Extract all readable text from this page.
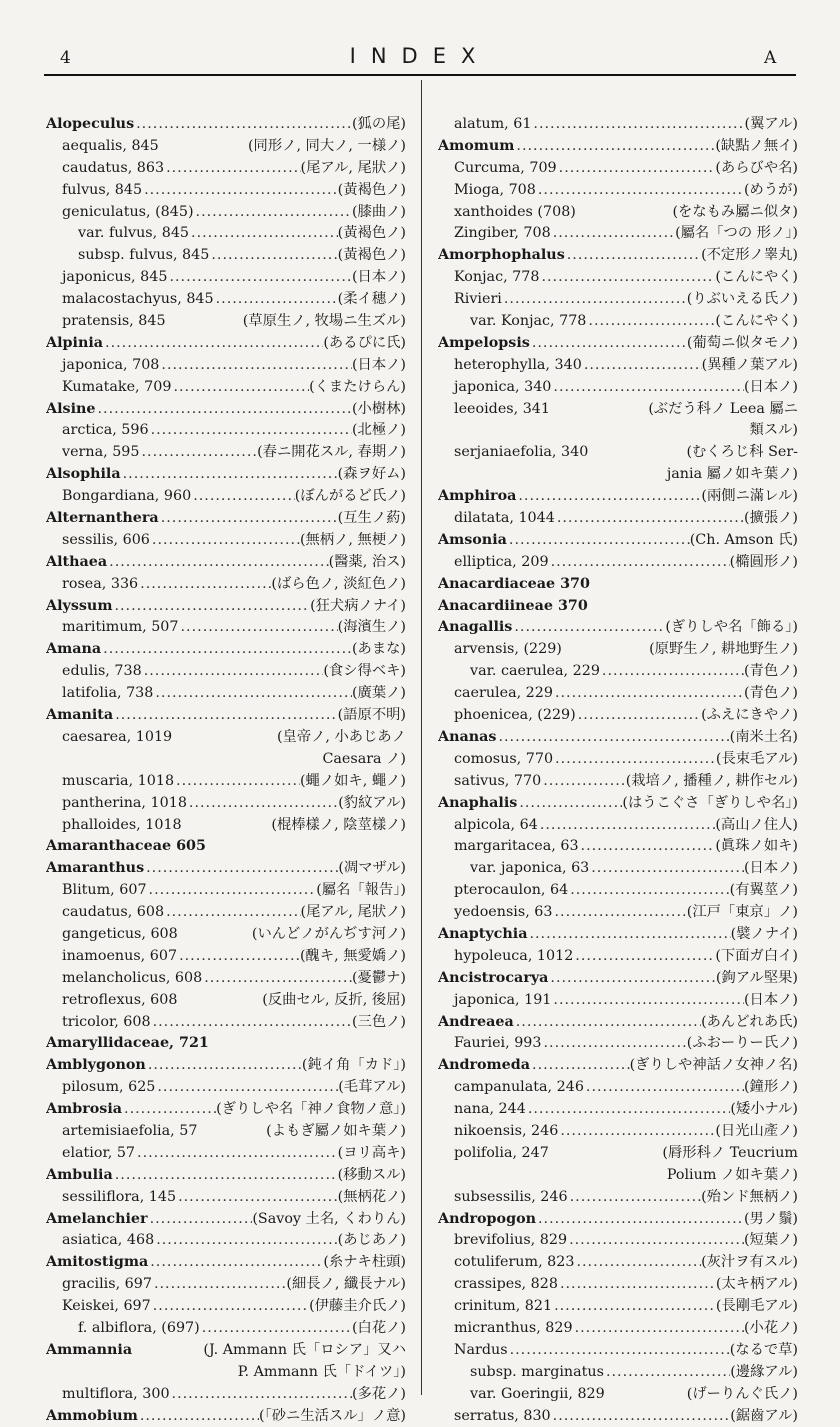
4	INDEX	A
Alopeculus .....	(狐の尾)
aequalis, 845	(同形ノ, 同大ノ, 一様ノ)
caudatus, 863 .....	(尾アル, 尾狀ノ)
fulvus, 845 .....	(黃褐色ノ)
geniculatus, (845) .....	(膝曲ノ)
var. fulvus, 845 .....	(黃褐色ノ)
subsp. fulvus, 845 .....	(黃褐色ノ)
japonicus, 845 .....	(日本ノ)
malacostachyus, 845 .....	(柔イ穗ノ)
pratensis, 845	(草原生ノ, 牧場ニ生ズル)
Alpinia .....	(あるぴに氏)
japonica, 708 .....	(日本ノ)
Kumatake, 709 .....	(くまたけらん)
Alsine .....	(小樹林)
arctica, 596 .....	(北極ノ)
verna, 595 .....	(春ニ開花スル, 春期ノ)
Alsophila .....	(森ヲ好ム)
Bongardiana, 960 .....	(ぼんがるど氏ノ)
Alternanthera .....	(互生ノ葯)
sessilis, 606 .....	(無柄ノ, 無梗ノ)
Althaea .....	(醫薬, 治ス)
rosea, 336 .....	(ばら色ノ, 淡紅色ノ)
Alyssum .....	(狂犬病ノナイ)
maritimum, 507 .....	(海濱生ノ)
Amana .....	(あまな)
edulis, 738 .....	(食シ得ベキ)
latifolia, 738 .....	(廣葉ノ)
Amanita .....	(語原不明)
caesarea, 1019	(皇帝ノ, 小あじあノ
Caesara ノ)
muscaria, 1018 .....	(蠅ノ如キ, 蠅ノ)
pantherina, 1018 .....	(豹紋アル)
phalloides, 1018	(棍棒樣ノ, 陰莖樣ノ)
Amaranthaceae 605
Amaranthus .....	(凋マザル)
Blitum, 607 .....	(屬名「報告」)
caudatus, 608 .....	(尾アル, 尾狀ノ)
gangeticus, 608	(いんどノがんぢす河ノ)
inamoenus, 607 .....	(醜キ, 無愛嬌ノ)
melancholicus, 608 .....	(憂鬱ナ)
retroflexus, 608	(反曲セル, 反折, 後屈)
tricolor, 608 .....	(三色ノ)
Amaryllidaceae, 721
Amblygonon .....	(鈍イ角「カド」)
pilosum, 625 .....	(毛茸アル)
Ambrosia .....	(ぎりしや名「神ノ食物ノ意」)
artemisiaefolia, 57	(よもぎ屬ノ如キ葉ノ)
elatior, 57 .....	(ヨリ高キ)
Ambulia .....	(移動スル)
sessiliflora, 145 .....	(無柄花ノ)
Amelanchier .....	(Savoy 土名, くわりん)
asiatica, 468 .....	(あじあノ)
Amitostigma .....	(糸ナキ柱頭)
gracilis, 697 .....	(細長ノ, 纖長ナル)
Keiskei, 697 .....	(伊藤圭介氏ノ)
f. albiflora, (697) .....	(白花ノ)
Ammannia	(J. Ammann 氏「ロシア」又ハ
P. Ammann 氏「ドイツ」)
multiflora, 300 .....	(多花ノ)
Ammobium .....	(「砂ニ生活スル」ノ意)
alatum, 61 .....	(翼アル)
Amomum .....	(缺點ノ無イ)
Curcuma, 709 .....	(あらびや名)
Mioga, 708 .....	(めうが)
xanthoides (708)	(をなもみ屬ニ似タ)
Zingiber, 708 .....	(屬名「つの 形ノ」)
Amorphophalus .....	(不定形ノ睾丸)
Konjac, 778 .....	(こんにやく)
Rivieri .....	(りぶいえる氏ノ)
var. Konjac, 778 .....	(こんにやく)
Ampelopsis .....	(葡萄ニ似タモノ)
heterophylla, 340 .....	(異種ノ葉アル)
japonica, 340 .....	(日本ノ)
leeoides, 341	(ぶだう科ノ Leea 屬ニ
類スル)
serjaniaefolia, 340	(むくろじ科 Ser-
jania 屬ノ如キ葉ノ)
Amphiroa .....	(兩側ニ滿レル)
dilatata, 1044 .....	(擴張ノ)
Amsonia .....	(Ch. Amson 氏)
elliptica, 209 .....	(橢圓形ノ)
Anacardiaceae 370
Anacardiineae 370
Anagallis .....	(ぎりしや名「飾る」)
arvensis, (229)	(原野生ノ, 耕地野生ノ)
var. caerulea, 229 .....	(青色ノ)
caerulea, 229 .....	(青色ノ)
phoenicea, (229) .....	(ふえにきやノ)
Ananas .....	(南米土名)
comosus, 770 .....	(長束毛アル)
sativus, 770 .....	(栽培ノ, 播種ノ, 耕作セル)
Anaphalis .....	(はうこぐさ「ぎりしや名」)
alpicola, 64 .....	(高山ノ住人)
margaritacea, 63 .....	(眞珠ノ如キ)
var. japonica, 63 .....	(日本ノ)
pterocaulon, 64 .....	(有翼莖ノ)
yedoensis, 63 .....	(江戸「東京」ノ)
Anaptychia .....	(襞ノナイ)
hypoleuca, 1012 .....	(下面ガ白イ)
Ancistrocarya .....	(鉤アル堅果)
japonica, 191 .....	(日本ノ)
Andreaea .....	(あんどれあ氏)
Fauriei, 993 .....	(ふおーりー氏ノ)
Andromeda .....	(ぎりしや神話ノ女神ノ名)
campanulata, 246 .....	(鐘形ノ)
nana, 244 .....	(矮小ナル)
nikoensis, 246 .....	(日光山產ノ)
polifolia, 247	(脣形科ノ Teucrium
Polium ノ如キ葉ノ)
subsessilis, 246 .....	(殆ンド無柄ノ)
Andropogon .....	(男ノ鬚)
brevifolius, 829 .....	(短葉ノ)
cotuliferum, 823 .....	(灰汁ヲ有スル)
crassipes, 828 .....	(太キ柄アル)
crinitum, 821 .....	(長剛毛アル)
micranthus, 829 .....	(小花ノ)
Nardus .....	(なるで草)
subsp. marginatus .....	(邊緣アル)
var. Goeringii, 829	(げーりんぐ氏ノ)
serratus, 830 .....	(鋸齒アル)
